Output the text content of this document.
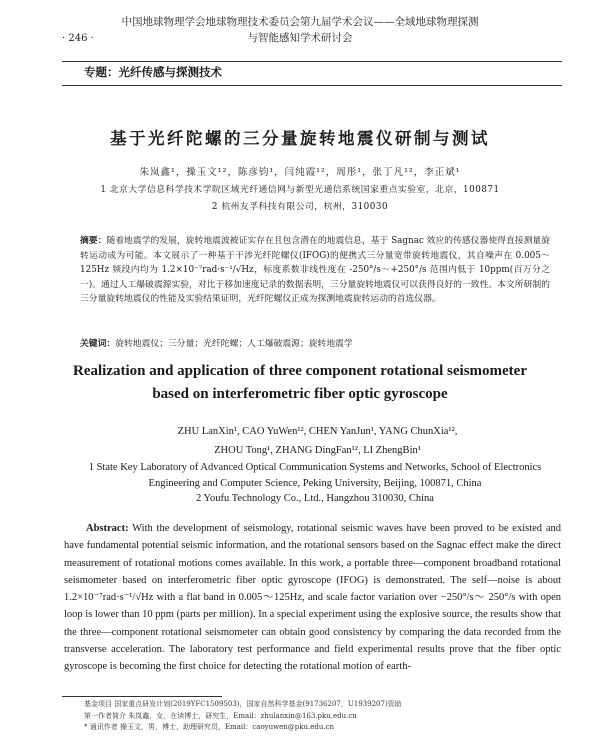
中国地球物理学会地球物理技术委员会第九届学术会议——全域地球物理探测
与智能感知学术研讨会
· 246 ·
专题：光纤传感与探测技术
基于光纤陀螺的三分量旋转地震仪研制与测试
朱岚鑫¹，操玉文¹²，陈彦钧¹，闫纯霞¹²，周彤¹，张丁凡¹²，李正斌¹
1 北京大学信息科学技术学院区域光纤通信网与新型光通信系统国家重点实验室，北京，100871
2 杭州友孚科技有限公司，杭州，310030
摘要：随着地震学的发展，旋转地震波被证实存在且包含潜在的地震信息，基于 Sagnac 效应的传感仪器使得直接测量旋转运动成为可能。本文展示了一种基于干涉光纤陀螺仪(IFOG)的便携式三分量宽带旋转地震仪，其自噪声在 0.005～125Hz 频段内均为 1.2×10⁻⁷rad·s⁻¹/√Hz，标度系数非线性度在 -250°/s～+250°/s 范围内低于 10ppm(百万分之一)。通过人工爆破震源实验，对比于移加速度记录的数据表明，三分量旋转地震仪可以获得良好的一致性。本文所研制的三分量旋转地震仪的性能及实验结果证明，光纤陀螺仪正成为探测地震旋转运动的首选仪器。
关键词：旋转地震仪；三分量；光纤陀螺；人工爆破震源；旋转地震学
Realization and application of three component rotational seismometer
based on interferometric fiber optic gyroscope
ZHU LanXin¹, CAO YuWen¹², CHEN YanJun¹, YANG ChunXia¹²,
ZHOU Tong¹, ZHANG DingFan¹², LI ZhengBin¹
1 State Key Laboratory of Advanced Optical Communication Systems and Networks, School of Electronics Engineering and Computer Science, Peking University, Beijing, 100871, China
2 Youfu Technology Co., Ltd., Hangzhou 310030, China
Abstract: With the development of seismology, rotational seismic waves have been proved to be existed and have fundamental potential seismic information, and the rotational sensors based on the Sagnac effect make the direct measurement of rotational motions comes available. In this work, a portable three—component broadband rotational seismometer based on interferometric fiber optic gyroscope (IFOG) is demonstrated. The self—noise is about 1.2×10⁻⁷rad·s⁻¹/√Hz with a flat band in 0.005～125Hz, and scale factor variation over −250°/s～ 250°/s with open loop is lower than 10 ppm (parts per million). In a special experiment using the explosive source, the results show that the three—component rotational seismometer can obtain good consistency by comparing the data recorded from the transverse acceleration. The laboratory test performance and field experimental results prove that the fiber optic gyroscope is becoming the first choice for detecting the rotational motion of earth-
基金项目 国家重点研发计划(2019YFC1509503)，国家自然科学基金(91736207，U1939207)资助
第一作者简介 朱岚鑫，女，在读博士，研究生，Email：zhulanxin@163.pku.edu.cn
* 通讯作者 操玉文，男，博士，助理研究员，Email：caoyuwen@pku.edu.cn
